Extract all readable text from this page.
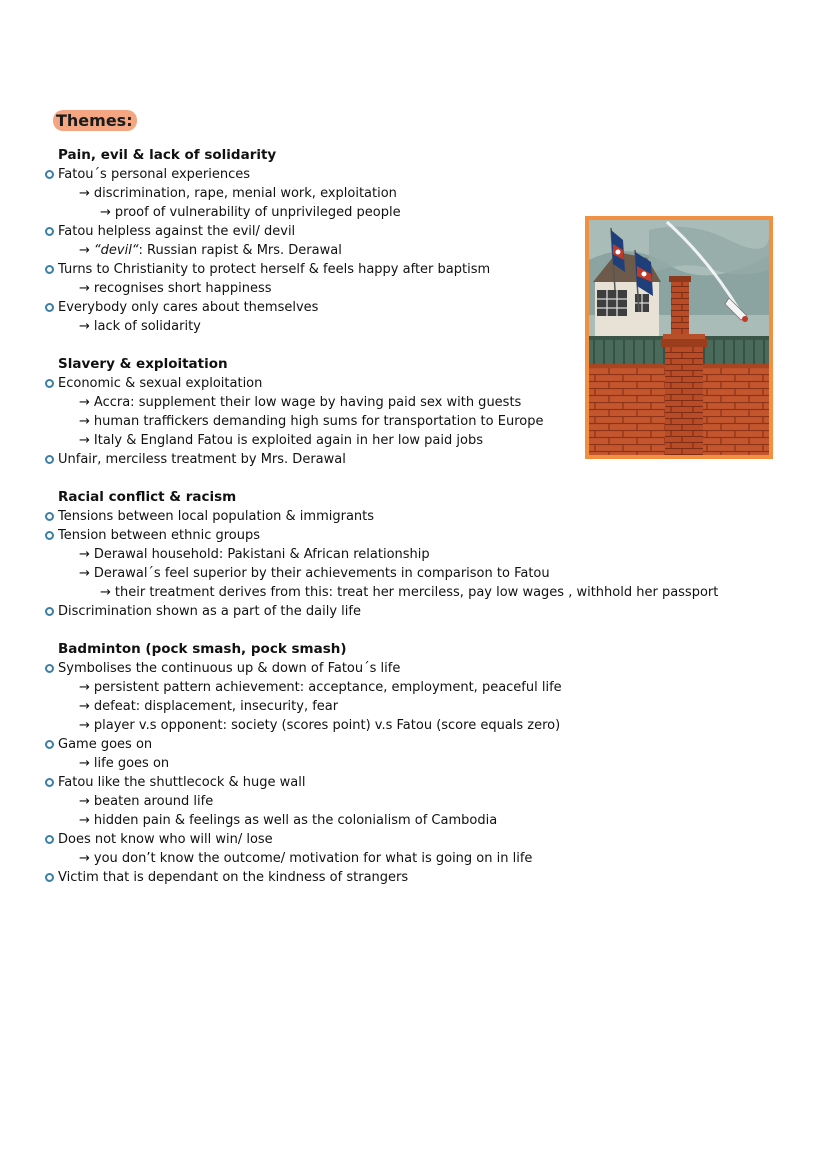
Themes:
Pain, evil & lack of solidarity
Fatou´s personal experiences
→ discrimination, rape, menial work, exploitation
→ proof of vulnerability of unprivileged people
Fatou helpless against the evil/ devil
→ “devil“: Russian rapist & Mrs. Derawal
Turns to Christianity to protect herself & feels happy after baptism
→ recognises short happiness
Everybody only cares about themselves
→ lack of solidarity
Slavery & exploitation
Economic & sexual exploitation
→ Accra: supplement their low wage by having paid sex with guests
→ human traffickers demanding high sums for transportation to Europe
→ Italy & England Fatou is exploited again in her low paid jobs
Unfair, merciless treatment by Mrs. Derawal
Racial conflict & racism
Tensions between local population & immigrants
Tension between ethnic groups
→ Derawal household: Pakistani & African relationship
→ Derawal´s feel superior by their achievements in comparison to Fatou
→ their treatment derives from this: treat her merciless, pay low wages , withhold her passport
Discrimination shown as a part of the daily life
Badminton (pock smash, pock smash)
Symbolises the continuous up & down of Fatou´s life
→ persistent pattern achievement: acceptance, employment, peaceful life
→ defeat: displacement, insecurity, fear
→ player v.s opponent: society (scores point) v.s Fatou (score equals zero)
Game goes on
→ life goes on
Fatou like the shuttlecock & huge wall
→ beaten around life
→ hidden pain & feelings as well as the colonialism of Cambodia
Does not know who will win/ lose
→ you don’t know the outcome/ motivation for what is going on in life
Victim that is dependant on the kindness of strangers
